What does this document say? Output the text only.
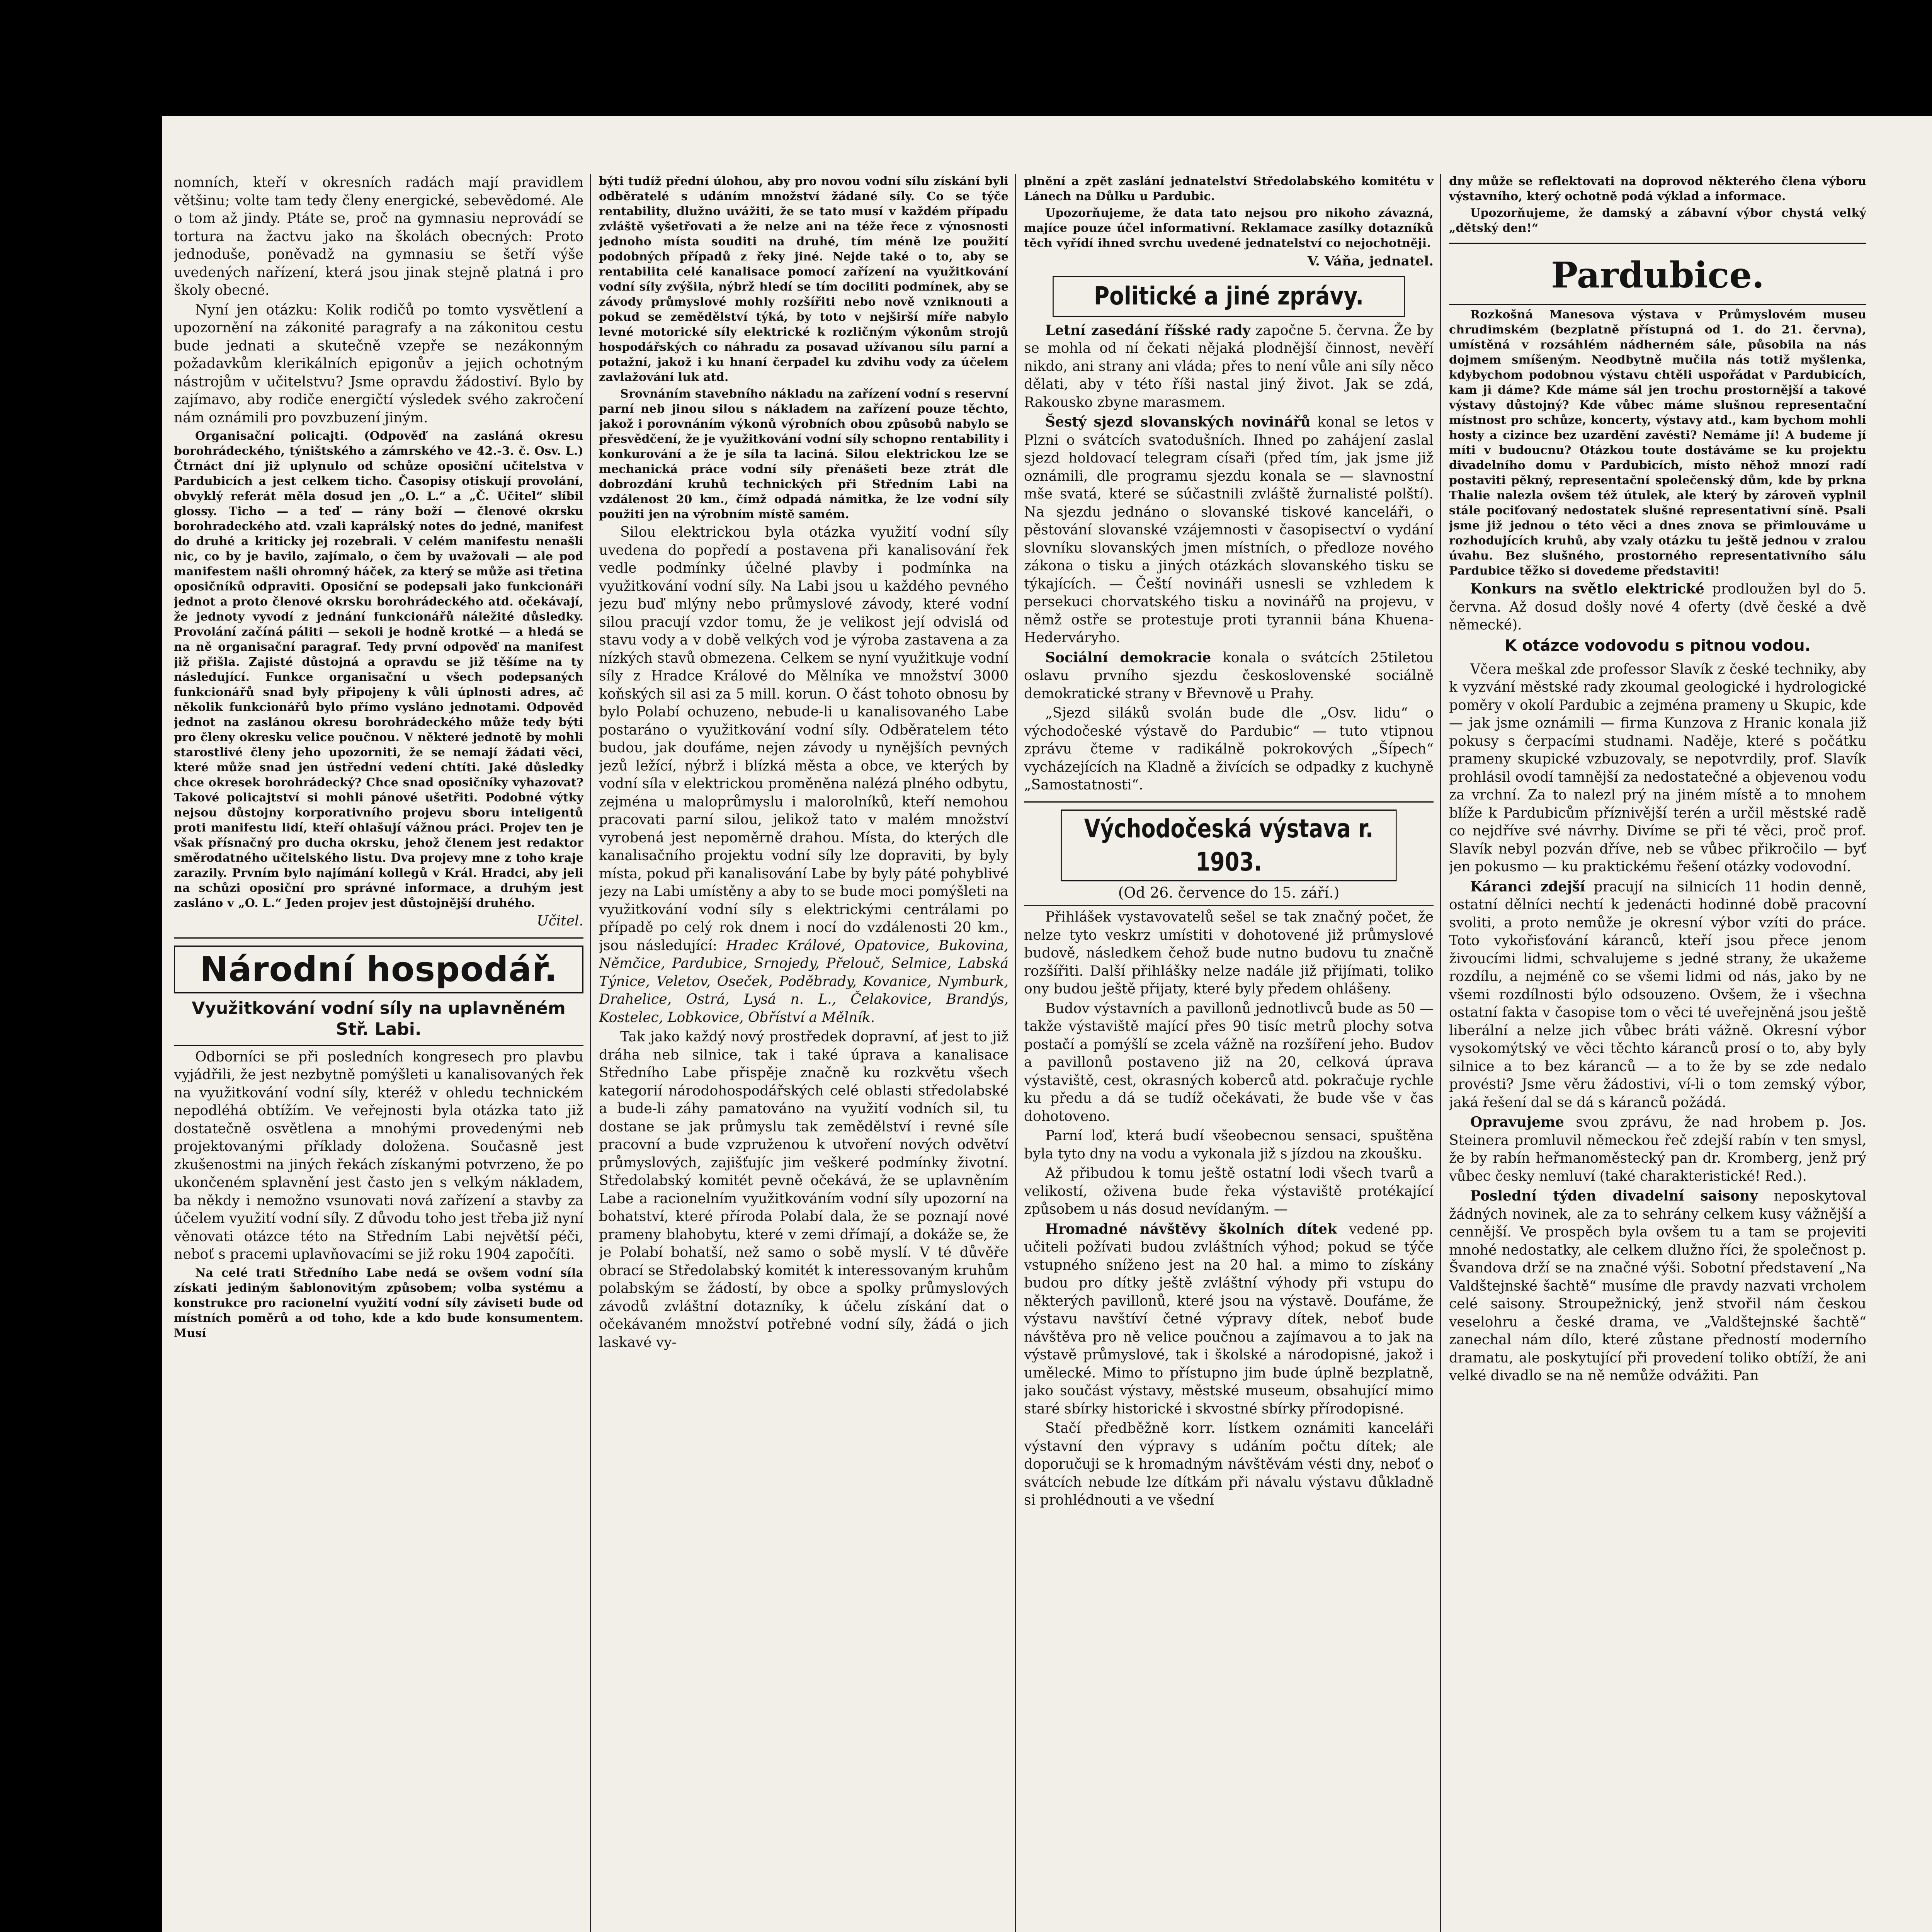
nomních, kteří v okresních radách mají pravidlem většinu; volte tam tedy členy energické, sebevědomé. Ale o tom až jindy. Ptáte se, proč na gymnasiu neprovádí se tortura na žactvu jako na školách obecných: Proto jednoduše, poněvadž na gymnasiu se šetří výše uvedených nařízení, která jsou jinak stejně platná i pro školy obecné.

Nyní jen otázku: Kolik rodičů po tomto vysvětlení a upozornění na zákonité paragrafy a na zákonitou cestu bude jednati a skutečně vzepře se nezákonným požadavkům klerikálních epigonův a jejich ochotným nástrojům v učitelstvu? Jsme opravdu žádostiví. Bylo by zajímavo, aby rodiče energičtí výsledek svého zakročení nám oznámili pro povzbuzení jiným.

Organisační policajti. (Odpověď na zasláná okresu borohrádeckého, týništského a zámrského ve 42.-3. č. Osv. L.) Čtrnáct dní již uplynulo od schůze oposiční učitelstva v Pardubicích a jest celkem ticho. Časopisy otiskují provolání, obvyklý referát měla dosud jen „O. L.“ a „Č. Učitel“ slíbil glossy. Ticho — a teď — rány boží — členové okrsku borohradeckého atd. vzali kaprálský notes do jedné, manifest do druhé a kriticky jej rozebrali. V celém manifestu nenašli nic, co by je bavilo, zajímalo, o čem by uvažovali — ale pod manifestem našli ohromný háček, za který se může asi třetina oposičníků odpraviti. Oposiční se podepsali jako funkcionáři jednot a proto členové okrsku borohrádeckého atd. očekávají, že jednoty vyvodí z jednání funkcionářů náležité důsledky. Provolání začíná páliti — sekoli je hodně krotké — a hledá se na ně organisační paragraf. Tedy první odpověď na manifest již přišla. Zajisté důstojná a opravdu se již těšíme na ty následující. Funkce organisační u všech podepsaných funkcionářů snad byly připojeny k vůli úplnosti adres, ač několik funkcionářů bylo přímo vysláno jednotami. Odpověď jednot na zaslánou okresu borohrádeckého může tedy býti pro členy okresku velice poučnou. V některé jednotě by mohli starostlivé členy jeho upozorniti, že se nemají žádati věci, které může snad jen ústřední vedení chtíti. Jaké důsledky chce okresek borohrádecký? Chce snad oposičníky vyhazovat? Takové policajtství si mohli pánové ušetřiti. Podobné výtky nejsou důstojny korporativního projevu sboru inteligentů proti manifestu lidí, kteří ohlašují vážnou práci. Projev ten je však přísnačný pro ducha okrsku, jehož členem jest redaktor směrodatného učitelského listu. Dva projevy mne z toho kraje zarazily. Prvním bylo najímání kollegů v Král. Hradci, aby jeli na schůzi oposiční pro správné informace, a druhým jest zasláno v „O. L.“ Jeden projev jest důstojnější druhého.

Učitel.
Národní hospodář.
Využitkování vodní síly na uplavněném Stř. Labi.

Odborníci se při posledních kongresech pro plavbu vyjádřili, že jest nezbytně pomýšleti u kanalisovaných řek na využitkování vodní síly, kteréž v ohledu technickém nepodléhá obtížím. Ve veřejnosti byla otázka tato již dostatečně osvětlena a mnohými provedenými neb projektovanými příklady doložena. Současně jest zkušenostmi na jiných řekách získanými potvrzeno, že po ukončeném splavnění jest často jen s velkým nákladem, ba někdy i nemožno vsunovati nová zařízení a stavby za účelem využití vodní síly. Z důvodu toho jest třeba již nyní věnovati otázce této na Středním Labi největší péči, neboť s pracemi uplavňovacími se již roku 1904 započíti.

Na celé trati Středního Labe nedá se ovšem vodní síla získati jediným šablonovitým způsobem; volba systému a konstrukce pro racionelní využití vodní síly záviseti bude od místních poměrů a od toho, kde a kdo bude konsumentem. Musí

býti tudíž přední úlohou, aby pro novou vodní sílu získání byli odběratelé s udáním množství žádané síly. Co se týče rentability, dlužno uvážiti, že se tato musí v každém případu zvláště vyšetřovati a že nelze ani na téže řece z výnosnosti jednoho místa souditi na druhé, tím méně lze použití podobných případů z řeky jiné. Nejde také o to, aby se rentabilita celé kanalisace pomocí zařízení na využitkování vodní síly zvýšila, nýbrž hledí se tím dociliti podmínek, aby se závody průmyslové mohly rozšířiti nebo nově vzniknouti a pokud se zemědělství týká, by toto v nejširší míře nabylo levné motorické síly elektrické k rozličným výkonům strojů hospodářských co náhradu za posavad užívanou sílu parní a potažní, jakož i ku hnaní čerpadel ku zdvihu vody za účelem zavlažování luk atd.

Srovnáním stavebního nákladu na zařízení vodní s reservní parní neb jinou silou s nákladem na zařízení pouze těchto, jakož i porovnáním výkonů výrobních obou způsobů nabylo se přesvědčení, že je využitkování vodní síly schopno rentability i konkurování a že je síla ta laciná. Silou elektrickou lze se mechanická práce vodní síly přenášeti beze ztrát dle dobrozdání kruhů technických při Středním Labi na vzdálenost 20 km., čímž odpadá námitka, že lze vodní síly použiti jen na výrobním místě samém.

Silou elektrickou byla otázka využití vodní síly uvedena do popředí a postavena při kanalisování řek vedle podmínky účelné plavby i podmínka na využitkování vodní síly. Na Labi jsou u každého pevného jezu buď mlýny nebo průmyslové závody, které vodní silou pracují vzdor tomu, že je velikost její odvislá od stavu vody a v době velkých vod je výroba zastavena a za nízkých stavů obmezena. Celkem se nyní využitkuje vodní síly z Hradce Králové do Mělníka ve množství 3000 koňských sil asi za 5 mill. korun. O část tohoto obnosu by bylo Polabí ochuzeno, nebude-li u kanalisovaného Labe postaráno o využitkování vodní síly. Odběratelem této budou, jak doufáme, nejen závody u nynějších pevných jezů ležící, nýbrž i blízká města a obce, ve kterých by vodní síla v elektrickou proměněna nalézá plného odbytu, zejména u maloprůmyslu i malorolníků, kteří nemohou pracovati parní silou, jelikož tato v malém množství vyrobená jest nepoměrně drahou. Místa, do kterých dle kanalisačního projektu vodní síly lze dopraviti, by byly místa, pokud při kanalisování Labe by byly páté pohyblivé jezy na Labi umístěny a aby to se bude moci pomýšleti na využitkování vodní síly s elektrickými centrálami po případě po celý rok dnem i nocí do vzdálenosti 20 km., jsou následující: Hradec Králové, Opatovice, Bukovina, Němčice, Pardubice, Srnojedy, Přelouč, Selmice, Labská Týnice, Veletov, Oseček, Poděbrady, Kovanice, Nymburk, Drahelice, Ostrá, Lysá n. L., Čelakovice, Brandýs, Kostelec, Lobkovice, Obříství a Mělník.

Tak jako každý nový prostředek dopravní, ať jest to již dráha neb silnice, tak i také úprava a kanalisace Středního Labe přispěje značně ku rozkvětu všech kategorií národohospodářských celé oblasti středolabské a bude-li záhy pamatováno na využití vodních sil, tu dostane se jak průmyslu tak zemědělství i revné síle pracovní a bude vzpruženou k utvoření nových odvětví průmyslových, zajišťujíc jim veškeré podmínky životní. Středolabský komitét pevně očekává, že se uplavněním Labe a racionelním využitkováním vodní síly upozorní na bohatství, které příroda Polabí dala, že se poznají nové prameny blahobytu, které v zemi dřímají, a dokáže se, že je Polabí bohatší, než samo o sobě myslí. V té důvěře obrací se Středolabský komitét k interessovaným kruhům polabským se žádostí, by obce a spolky průmyslových závodů zvláštní dotazníky, k účelu získání dat o očekávaném množství potřebné vodní síly, žádá o jich laskavé vy-

plnění a zpět zaslání jednatelství Středolabského komitétu v Lánech na Důlku u Pardubic.

Upozorňujeme, že data tato nejsou pro nikoho závazná, majíce pouze účel informativní. Reklamace zasílky dotazníků těch vyřídí ihned svrchu uvedené jednatelství co nejochotněji.

V. Váňa, jednatel.
Politické a jiné zprávy.

Letní zasedání říšské rady započne 5. června. Že by se mohla od ní čekati nějaká plodnější činnost, nevěří nikdo, ani strany ani vláda; přes to není vůle ani síly něco dělati, aby v této říši nastal jiný život. Jak se zdá, Rakousko zbyne marasmem.

Šestý sjezd slovanských novinářů konal se letos v Plzni o svátcích svatodušních. Ihned po zahájení zaslal sjezd holdovací telegram císaři (před tím, jak jsme již oznámili, dle programu sjezdu konala se — slavnostní mše svatá, které se súčastnili zvláště žurnalisté polští). Na sjezdu jednáno o slovanské tiskové kanceláři, o pěstování slovanské vzájemnosti v časopisectví o vydání slovníku slovanských jmen místních, o předloze nového zákona o tisku a jiných otázkách slovanského tisku se týkajících. — Čeští novináři usnesli se vzhledem k persekuci chorvatského tisku a novinářů na projevu, v němž ostře se protestuje proti tyrannii bána Khuena-Hederváryho.

Sociální demokracie konala o svátcích 25tiletou oslavu prvního sjezdu československé sociálně demokratické strany v Břevnově u Prahy.

„Sjezd siláků svolán bude dle „Osv. lidu“ o východočeské výstavě do Pardubic“ — tuto vtipnou zprávu čteme v radikálně pokrokových „Šípech“ vycházejících na Kladně a živících se odpadky z kuchyně „Samostatnosti“.

Východočeská výstava r. 1903.
(Od 26. července do 15. září.)

Přihlášek vystavovatelů sešel se tak značný počet, že nelze tyto veskrz umístiti v dohotovené již průmyslové budově, následkem čehož bude nutno budovu tu značně rozšířiti. Další přihlášky nelze nadále již přijímati, toliko ony budou ještě přijaty, které byly předem ohlášeny.

Budov výstavních a pavillonů jednotlivců bude as 50 — takže výstaviště mající přes 90 tisíc metrů plochy sotva postačí a pomýšlí se zcela vážně na rozšíření jeho. Budov a pavillonů postaveno již na 20, celková úprava výstaviště, cest, okrasných koberců atd. pokračuje rychle ku předu a dá se tudíž očekávati, že bude vše v čas dohotoveno.

Parní loď, která budí všeobecnou sensaci, spuštěna byla tyto dny na vodu a vykonala již s jízdou na zkoušku.

Až přibudou k tomu ještě ostatní lodi všech tvarů a velikostí, oživena bude řeka výstaviště protékající způsobem u nás dosud nevídaným. —

Hromadné návštěvy školních dítek vedené pp. učiteli požívati budou zvláštních výhod; pokud se týče vstupného sníženo jest na 20 hal. a mimo to získány budou pro dítky ještě zvláštní výhody při vstupu do některých pavillonů, které jsou na výstavě. Doufáme, že výstavu navštíví četné výpravy dítek, neboť bude návštěva pro ně velice poučnou a zajímavou a to jak na výstavě průmyslové, tak i školské a národopisné, jakož i umělecké. Mimo to přístupno jim bude úplně bezplatně, jako součást výstavy, městské museum, obsahující mimo staré sbírky historické i skvostné sbírky přírodopisné.

Stačí předběžně korr. lístkem oznámiti kanceláři výstavní den výpravy s udáním počtu dítek; ale doporučuji se k hromadným návštěvám vésti dny, neboť o svátcích nebude lze dítkám při návalu výstavu důkladně si prohlédnouti a ve všední

dny může se reflektovati na doprovod některého člena výboru výstavního, který ochotně podá výklad a informace.

Upozorňujeme, že damský a zábavní výbor chystá velký „dětský den!“

Pardubice.

Rozkošná Manesova výstava v Průmyslovém museu chrudimském (bezplatně přístupná od 1. do 21. června), umístěná v rozsáhlém nádherném sále, působila na nás dojmem smíšeným. Neodbytně mučila nás totiž myšlenka, kdybychom podobnou výstavu chtěli uspořádat v Pardubicích, kam ji dáme? Kde máme sál jen trochu prostornější a takové výstavy důstojný? Kde vůbec máme slušnou representační místnost pro schůze, koncerty, výstavy atd., kam bychom mohli hosty a cizince bez uzardění zavésti? Nemáme jí! A budeme jí míti v budoucnu? Otázkou toute dostáváme se ku projektu divadelního domu v Pardubicích, místo něhož mnozí radí postaviti pěkný, representační společenský dům, kde by prkna Thalie nalezla ovšem též útulek, ale který by zároveň vyplnil stále pociťovaný nedostatek slušné representativní síně. Psali jsme již jednou o této věci a dnes znova se přimlouváme u rozhodujících kruhů, aby vzaly otázku tu ještě jednou v zralou úvahu. Bez slušného, prostorného representativního sálu Pardubice těžko si dovedeme představiti!

Konkurs na světlo elektrické prodloužen byl do 5. června. Až dosud došly nové 4 oferty (dvě české a dvě německé).

K otázce vodovodu s pitnou vodou.

Včera meškal zde professor Slavík z české techniky, aby k vyzvání městské rady zkoumal geologické i hydrologické poměry v okolí Pardubic a zejména prameny u Skupic, kde — jak jsme oznámili — firma Kunzova z Hranic konala již pokusy s čerpacími studnami. Naděje, které s počátku prameny skupické vzbuzovaly, se nepotvrdily, prof. Slavík prohlásil ovodí tamnější za nedostatečné a objevenou vodu za vrchní. Za to nalezl prý na jiném místě a to mnohem blíže k Pardubicům příznivější terén a určil městské radě co nejdříve své návrhy. Divíme se při té věci, proč prof. Slavík nebyl pozván dříve, neb se vůbec přikročilo — byť jen pokusmo — ku praktickému řešení otázky vodovodní.

Káranci zdejší pracují na silnicích 11 hodin denně, ostatní dělníci nechtí k jedenácti hodinné době pracovní svoliti, a proto nemůže je okresní výbor vzíti do práce. Toto vykořisťování káranců, kteří jsou přece jenom živoucími lidmi, schvalujeme s jedné strany, že ukažeme rozdílu, a nejméně co se všemi lidmi od nás, jako by ne všemi rozdílnosti býlo odsouzeno. Ovšem, že i všechna ostatní fakta v časopise tom o věci té uveřejněná jsou ještě liberální a nelze jich vůbec bráti vážně. Okresní výbor vysokomýtský ve věci těchto káranců prosí o to, aby byly silnice a to bez káranců — a to že by se zde nedalo provésti? Jsme věru žádostivi, ví-li o tom zemský výbor, jaká řešení dal se dá s káranců požádá.

Opravujeme svou zprávu, že nad hrobem p. Jos. Steinera promluvil německou řeč zdejší rabín v ten smysl, že by rabín heřmanoměstecký pan dr. Kromberg, jenž prý vůbec česky nemluví (také charakteristické! Red.).

Poslední týden divadelní saisony neposkytoval žádných novinek, ale za to sehrány celkem kusy vážnější a cennější. Ve prospěch byla ovšem tu a tam se projeviti mnohé nedostatky, ale celkem dlužno říci, že společnost p. Švandova drží se na značné výši. Sobotní představení „Na Valdštejnské šachtě“ musíme dle pravdy nazvati vrcholem celé saisony. Stroupežnický, jenž stvořil nám českou veselohru a české drama, ve „Valdštejnské šachtě“ zanechal nám dílo, které zůstane předností moderního dramatu, ale poskytující při provedení toliko obtíží, že ani velké divadlo se na ně nemůže odvážiti. Pan
